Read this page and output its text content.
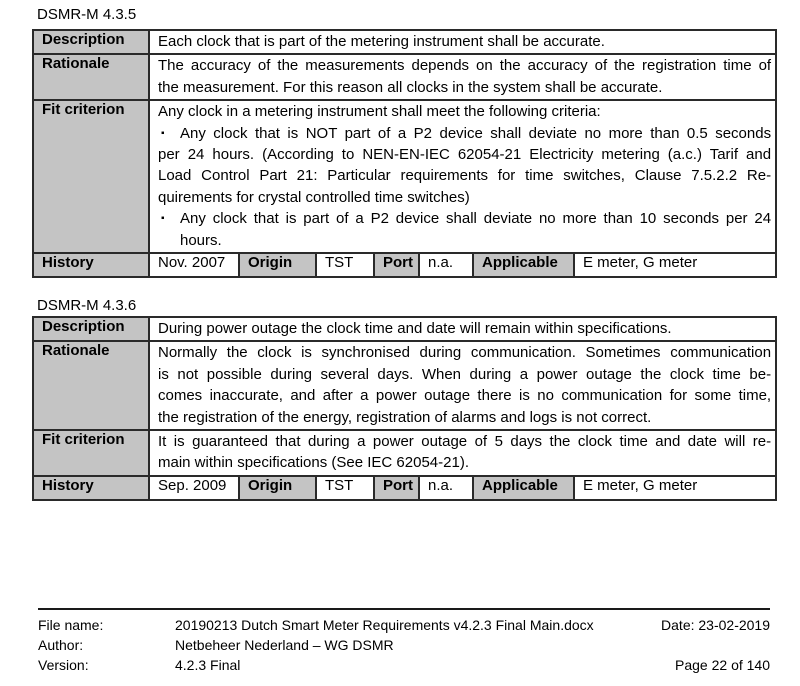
DSMR-M 4.3.5
Description	Each clock that is part of the metering instrument shall be accurate.						

Rationale	The accuracy of the measurements depends on the accuracy of the registration time of
the measurement. For this reason all clocks in the system shall be accurate.						

Fit criterion	Any clock in a metering instrument shall meet the following criteria:
▪	Any clock that is NOT part of a P2 device shall deviate no more than 0.5 seconds
per 24 hours. (According to NEN-EN-IEC 62054-21 Electricity metering (a.c.) Tarif and
Load Control Part 21: Particular requirements for time switches, Clause 7.5.2.2 Re-
quirements for crystal controlled time switches)
▪	Any clock that is part of a P2 device shall deviate no more than 10 seconds per 24
hours.

History	Nov. 2007	Origin	TST	Port	n.a.	Applicable	E meter, G meter
DSMR-M 4.3.6
Description	During power outage the clock time and date will remain within specifications.						

Rationale	Normally the clock is synchronised during communication. Sometimes communication
is not possible during several days. When during a power outage the clock time be-
comes inaccurate, and after a power outage there is no communication for some time,
the registration of the energy, registration of alarms and logs is not correct.						

Fit criterion	It is guaranteed that during a power outage of 5 days the clock time and date will re-
main within specifications (See IEC 62054-21).						

History	Sep. 2009	Origin	TST	Port	n.a.	Applicable	E meter, G meter
File name:	20190213 Dutch Smart Meter Requirements v4.2.3 Final Main.docx	Date: 23-02-2019
Author:	Netbeheer Nederland – WG DSMR
Version:	4.2.3 Final	Page 22 of 140
